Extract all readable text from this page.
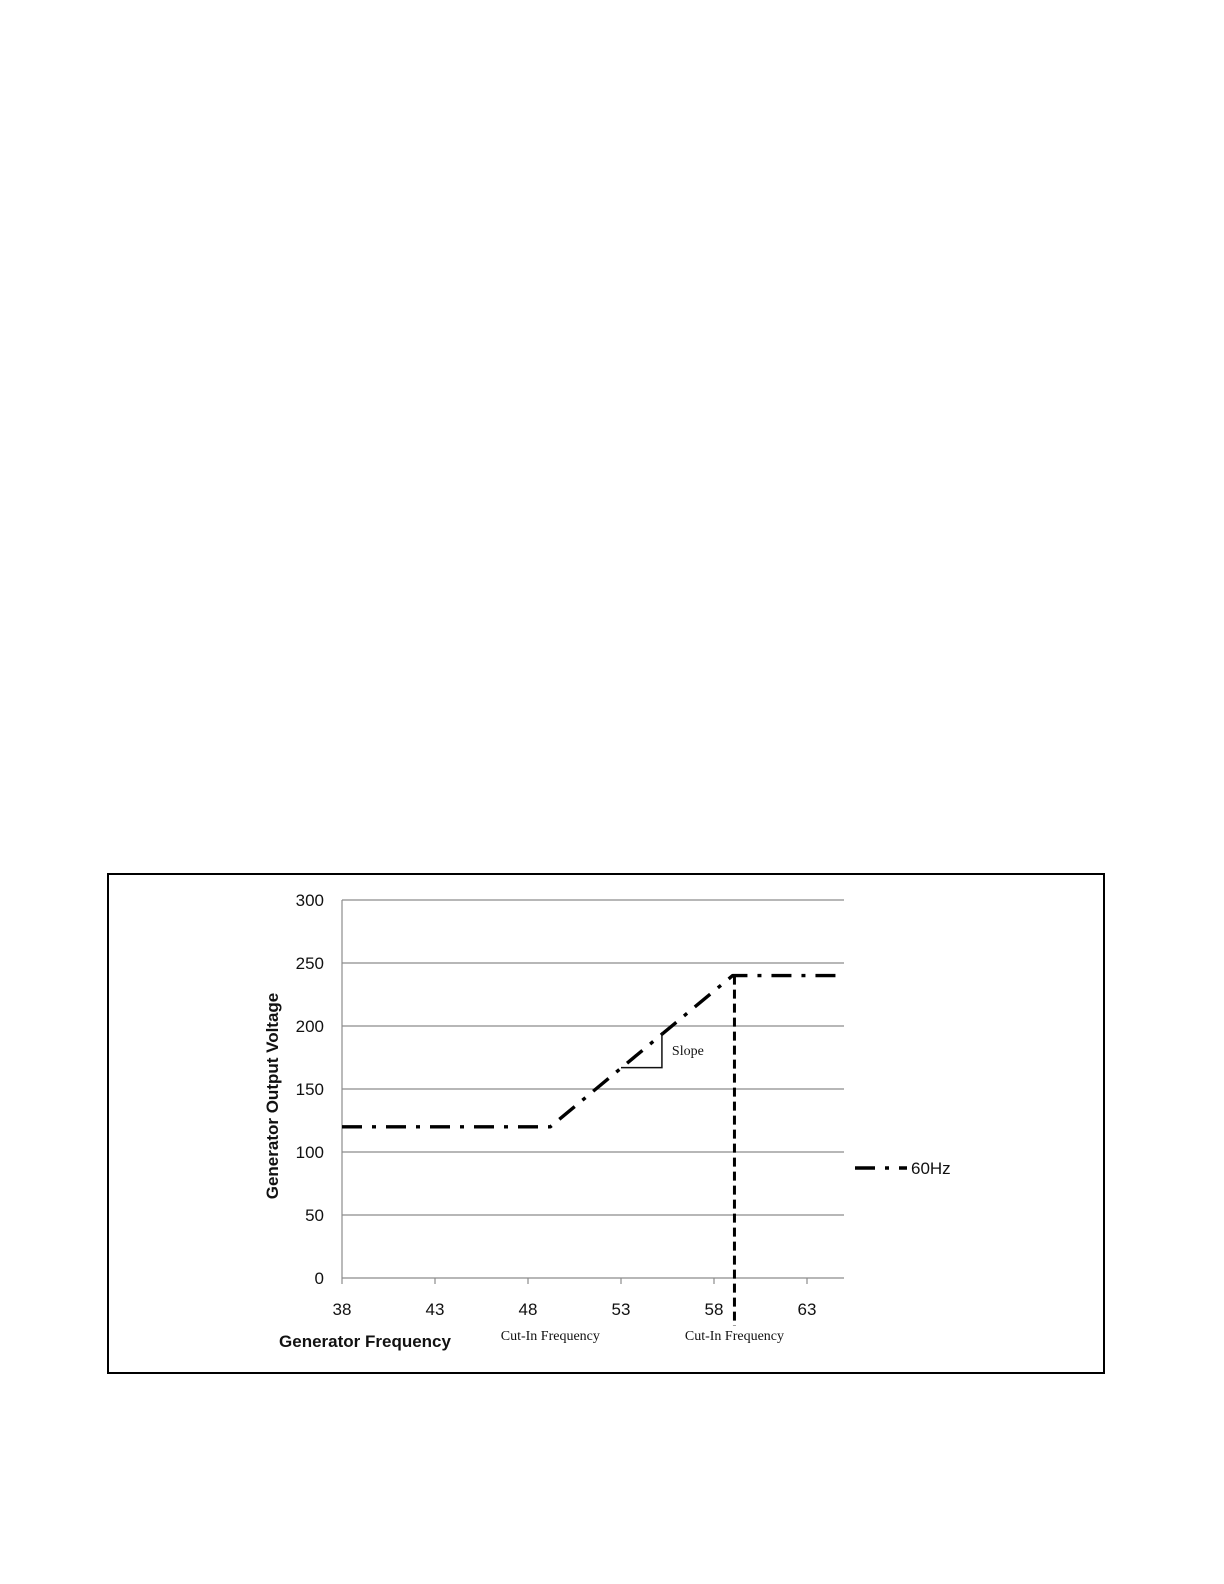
0
50
100
150
200
250
300
38	43	48	53	58	63
Cut-In Frequency	Cut-In Frequency
Slope
60Hz
Generator Output Voltage
Generator Frequency
